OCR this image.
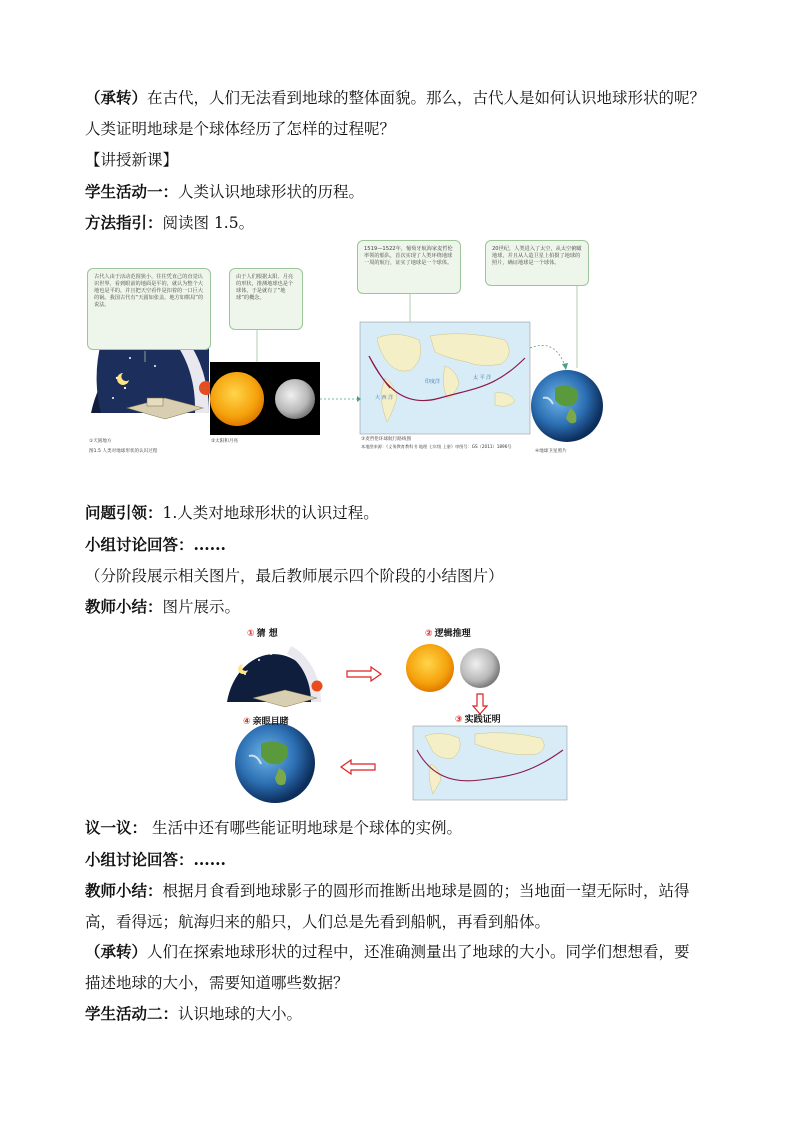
（承转）在古代，人们无法看到地球的整体面貌。那么，古代人是如何认识地球形状的呢？
人类证明地球是个球体经历了怎样的过程呢？
【讲授新课】
学生活动一：人类认识地球形状的历程。
方法指引：阅读图 1.5。
古代人由于活动范围狭小，往往凭直己的直觉认识世界，看到眼前的地面是平的，就认为整个大地也是平的，并且把天空看作是扣着的一口巨大的锅。我国古代有“天圆如张盖，地方如棋局”的说法。
由于人们根据太阳、月亮的形状，推测地球也是个球体，于是就有了“地球”的概念。
1519—1522年，葡萄牙航海家麦哲伦率领的船队，首次实现了人类环绕地球一周的航行，证实了地球是一个球体。
20世纪，人类进入了太空，从太空俯瞰地球，并且从人造卫星上拍摄了地球的照片，确证地球是一个球体。
印度洋
太 平 洋
大 西 洋
①天圆地方
图1.5 人类对地球形状的认识过程
②太阳和月亮	③麦哲伦环球航行路线图
本地图来源：《义务教育教科书 地理 七年级 上册》审图号：GS（2011）1896号
④地球卫星照片
问题引领：1.人类对地球形状的认识过程。
小组讨论回答：......
（分阶段展示相关图片，最后教师展示四个阶段的小结图片）
教师小结：图片展示。
① 猜 想	② 逻辑推理
③ 实践证明
④ 亲眼目睹
议一议： 生活中还有哪些能证明地球是个球体的实例。
小组讨论回答：......
教师小结：根据月食看到地球影子的圆形而推断出地球是圆的；当地面一望无际时，站得
高，看得远；航海归来的船只，人们总是先看到船帆，再看到船体。
（承转）人们在探索地球形状的过程中，还准确测量出了地球的大小。同学们想想看，要
描述地球的大小，需要知道哪些数据？
学生活动二：认识地球的大小。
